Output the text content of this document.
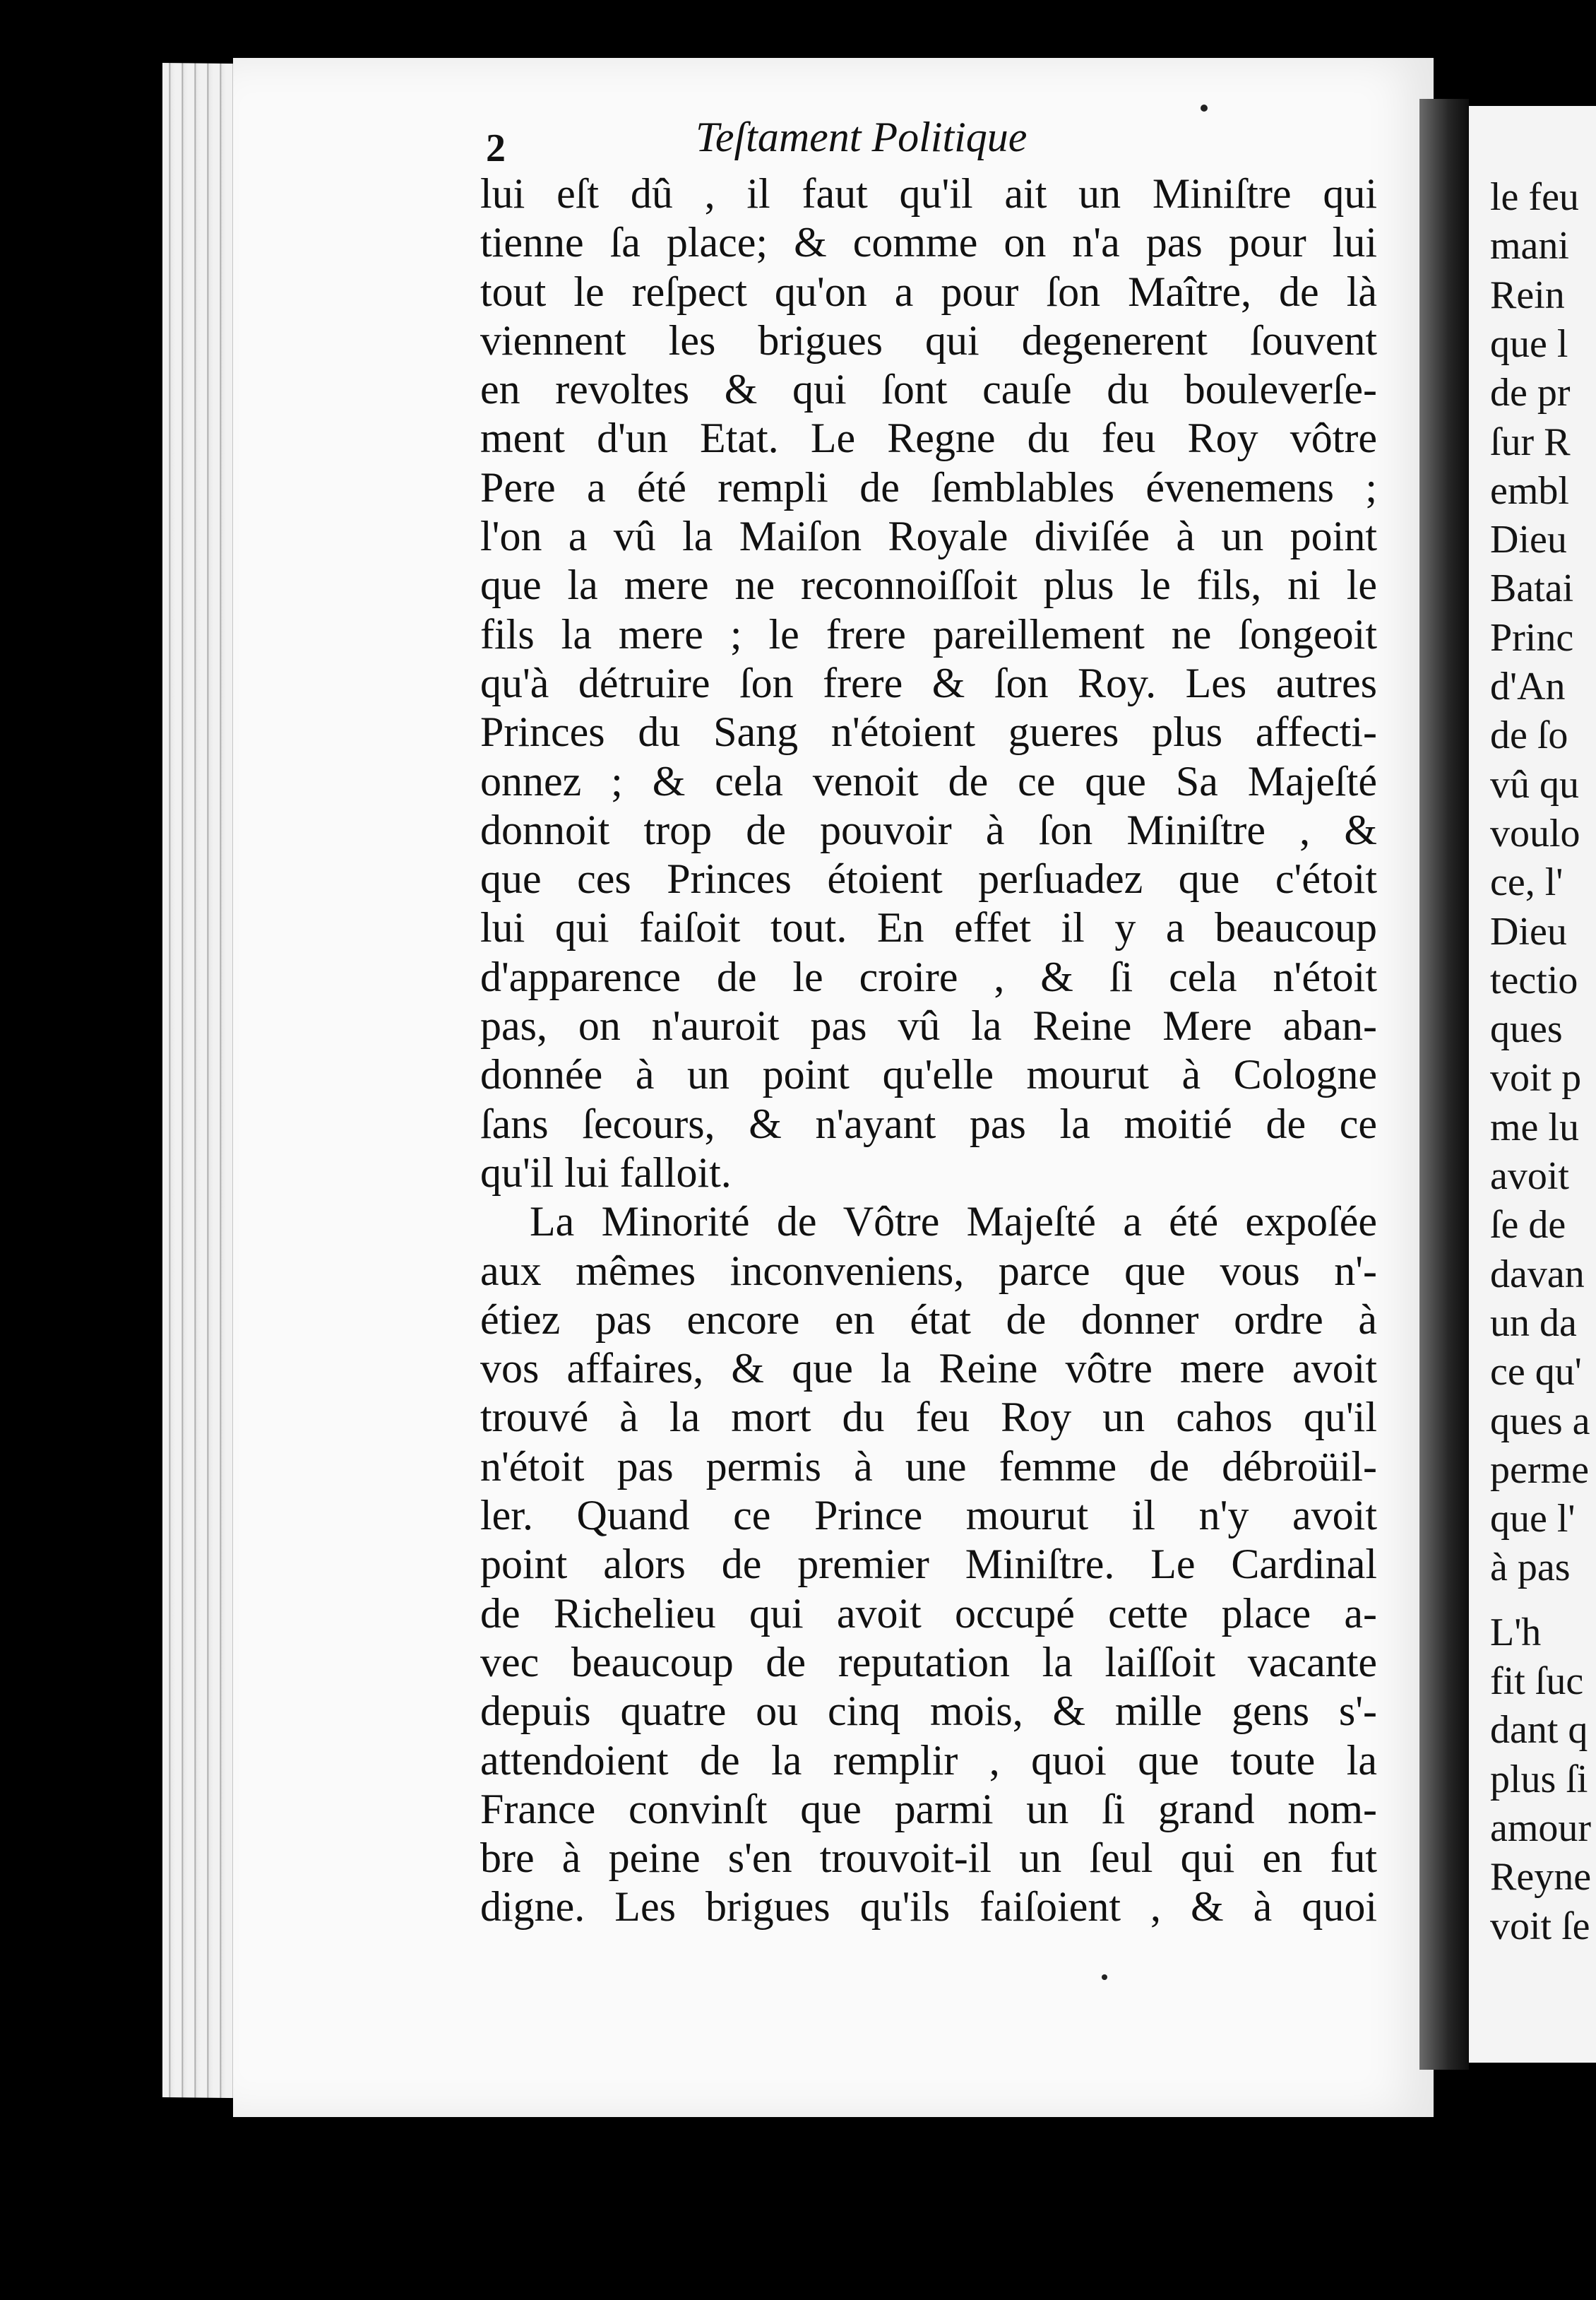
le feu
mani
Rein
que l
de pr
ſur R
embl
Dieu
Batai
Princ
d'An
de ſo
vû qu
voulo
ce, l'
Dieu
tectio
ques
voit p
me lu
avoit
ſe de
davan
un da
ce qu'
ques a
perme
que l'
à pas
L'h
fit ſuc
dant q
plus ſi
amour
Reyne
voit ſe
2	Teſtament Politique
lui eſt dû , il faut qu'il ait un Miniſtre qui
tienne ſa place; & comme on n'a pas pour lui
tout le reſpect qu'on a pour ſon Maître, de là
viennent les brigues qui degenerent ſouvent
en revoltes & qui ſont cauſe du bouleverſe-
ment d'un Etat. Le Regne du feu Roy vôtre
Pere a été rempli de ſemblables évenemens ;
l'on a vû la Maiſon Royale diviſée à un point
que la mere ne reconnoiſſoit plus le fils, ni le
fils la mere ; le frere pareillement ne ſongeoit
qu'à détruire ſon frere & ſon Roy. Les autres
Princes du Sang n'étoient gueres plus affecti-
onnez ; & cela venoit de ce que Sa Majeſté
donnoit trop de pouvoir à ſon Miniſtre , &
que ces Princes étoient perſuadez que c'étoit
lui qui faiſoit tout. En effet il y a beaucoup
d'apparence de le croire , & ſi cela n'étoit
pas, on n'auroit pas vû la Reine Mere aban-
donnée à un point qu'elle mourut à Cologne
ſans ſecours, & n'ayant pas la moitié de ce
qu'il lui falloit.
La Minorité de Vôtre Majeſté a été expoſée
aux mêmes inconveniens, parce que vous n'-
étiez pas encore en état de donner ordre à
vos affaires, & que la Reine vôtre mere avoit
trouvé à la mort du feu Roy un cahos qu'il
n'étoit pas permis à une femme de débroüil-
ler. Quand ce Prince mourut il n'y avoit
point alors de premier Miniſtre. Le Cardinal
de Richelieu qui avoit occupé cette place a-
vec beaucoup de reputation la laiſſoit vacante
depuis quatre ou cinq mois, & mille gens s'-
attendoient de la remplir , quoi que toute la
France convinſt que parmi un ſi grand nom-
bre à peine s'en trouvoit-il un ſeul qui en fut
digne. Les brigues qu'ils faiſoient , & à quoi
